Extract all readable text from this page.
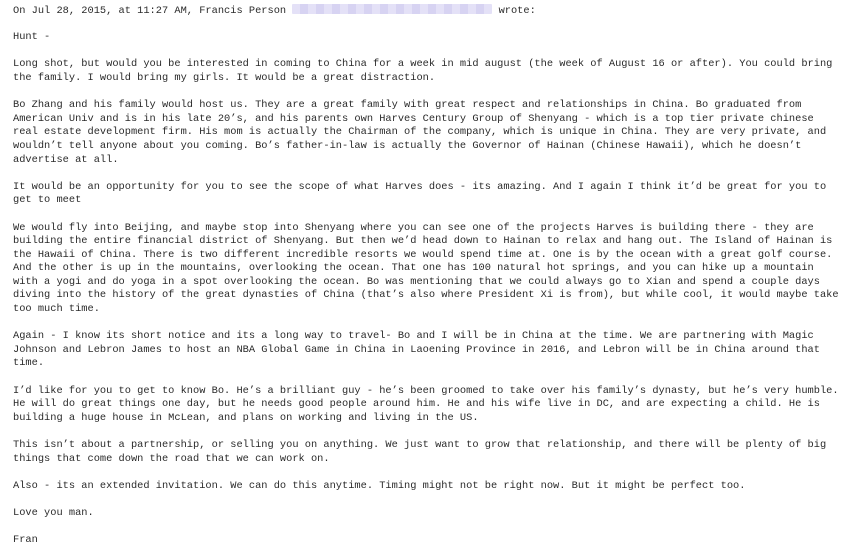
On Jul 28, 2015, at 11:27 AM, Francis Person	wrote:
Hunt -
Long shot, but would you be interested in coming to China for a week in mid august (the week of August 16 or after). You could bring
the family. I would bring my girls. It would be a great distraction.
Bo Zhang and his family would host us. They are a great family with great respect and relationships in China. Bo graduated from
American Univ and is in his late 20’s, and his parents own Harves Century Group of Shenyang - which is a top tier private chinese
real estate development firm. His mom is actually the Chairman of the company, which is unique in China. They are very private, and
wouldn’t tell anyone about you coming. Bo’s father-in-law is actually the Governor of Hainan (Chinese Hawaii), which he doesn’t
advertise at all.
It would be an opportunity for you to see the scope of what Harves does - its amazing. And I again I think it’d be great for you to
get to meet
We would fly into Beijing, and maybe stop into Shenyang where you can see one of the projects Harves is building there - they are
building the entire financial district of Shenyang. But then we’d head down to Hainan to relax and hang out. The Island of Hainan is
the Hawaii of China. There is two different incredible resorts we would spend time at. One is by the ocean with a great golf course.
And the other is up in the mountains, overlooking the ocean. That one has 100 natural hot springs, and you can hike up a mountain
with a yogi and do yoga in a spot overlooking the ocean. Bo was mentioning that we could always go to Xian and spend a couple days
diving into the history of the great dynasties of China (that’s also where President Xi is from), but while cool, it would maybe take
too much time.
Again - I know its short notice and its a long way to travel- Bo and I will be in China at the time. We are partnering with Magic
Johnson and Lebron James to host an NBA Global Game in China in Laoening Province in 2016, and Lebron will be in China around that
time.
I’d like for you to get to know Bo. He’s a brilliant guy - he’s been groomed to take over his family’s dynasty, but he’s very humble.
He will do great things one day, but he needs good people around him. He and his wife live in DC, and are expecting a child. He is
building a huge house in McLean, and plans on working and living in the US.
This isn’t about a partnership, or selling you on anything. We just want to grow that relationship, and there will be plenty of big
things that come down the road that we can work on.
Also - its an extended invitation. We can do this anytime. Timing might not be right now. But it might be perfect too.
Love you man.
Fran
